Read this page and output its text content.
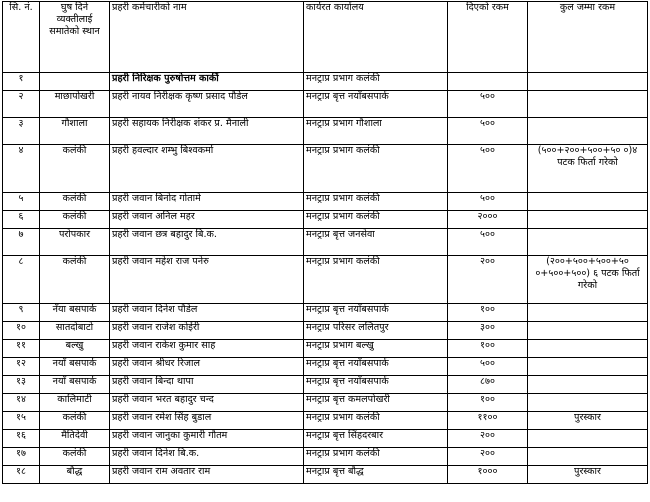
सि. नं.	घुष दिने व्यक्तीलाई समातेको स्थान	प्रहरी कर्मचारीको नाम	कार्यरत कार्यालय	दिएको रकम	कुल जम्मा रकम
१		प्रहरी निरिक्षक पुरुषोत्तम कार्की	मनट्राप्र प्रभाग कलंकी		
२	माछापोखरी	प्रहरी नायव निरीक्षक कृष्ण प्रसाद पौडेल	मनट्राप्र बृत्त नयाँबसपार्क	५००	
३	गौशाला	प्रहरी सहायक निरीक्षक शंकर प्र. मैनाली	मनट्राप्र प्रभाग गौशाला	५००	
४	कलंकी	प्रहरी हवल्दार शम्भु बिश्वकर्मा	मनट्राप्र प्रभाग कलंकी	५००	(५००+२००+५००+५० ०)४ पटक फिर्ता गरेको
५	कलंकी	प्रहरी जवान बिनोद गोतामे	मनट्राप्र प्रभाग कलंकी	५००	
६	कलंकी	प्रहरी जवान अनिल महर	मनट्राप्र प्रभाग कलंकी	२०००	
७	परोपकार	प्रहरी जवान छत्र बहादुर बि.क.	मनट्राप्र बृत्त जनसेवा	५००	
८	कलंकी	प्रहरी जवान महेश राज पनेरु	मनट्राप्र प्रभाग कलंकी	२००	(२००+५००+५००+५० ०+५००+५००) ६ पटक फिर्ता गरेको
९	नँया बसपार्क	प्रहरी जवान दिनेश पौडेल	मनट्राप्र बृत्त नयाँबसपार्क	१००	
१०	सातदोबाटो	प्रहरी जवान राजेश कोईरी	मनट्राप्र परिसर ललितपुर	३००	
११	बल्खु	प्रहरी जवान राकेश कुमार साह	मनट्राप्र प्रभाग बल्खु	१००	
१२	नयाँ बसपार्क	प्रहरी जवान श्रीधर रिजाल	मनट्राप्र बृत्त नयाँबसपार्क	५००	
१३	नयाँ बसपार्क	प्रहरी जवान बिन्दा थापा	मनट्राप्र बृत्त नयाँबसपार्क	८७०	
१४	कालिमाटी	प्रहरी जवान भरत बहादुर चन्द	मनट्राप्र बृत्त कमलपोखरी	१००	
१५	कलंकी	प्रहरी जवान रमेश सिंह बुडाल	मनट्राप्र प्रभाग कलंकी	११००	पुरस्कार
१६	मैतिदेवी	प्रहरी जवान जानुका कुमारी गौतम	मनट्राप्र बृत्त सिंहदरबार	२००	
१७	कलंकी	प्रहरी जवान दिनेश बि.क.	मनट्राप्र प्रभाग कलंकी	२००	
१८	बौद्ध	प्रहरी जवान राम अवतार राम	मनट्राप्र बृत्त बौद्ध	१०००	पुरस्कार
